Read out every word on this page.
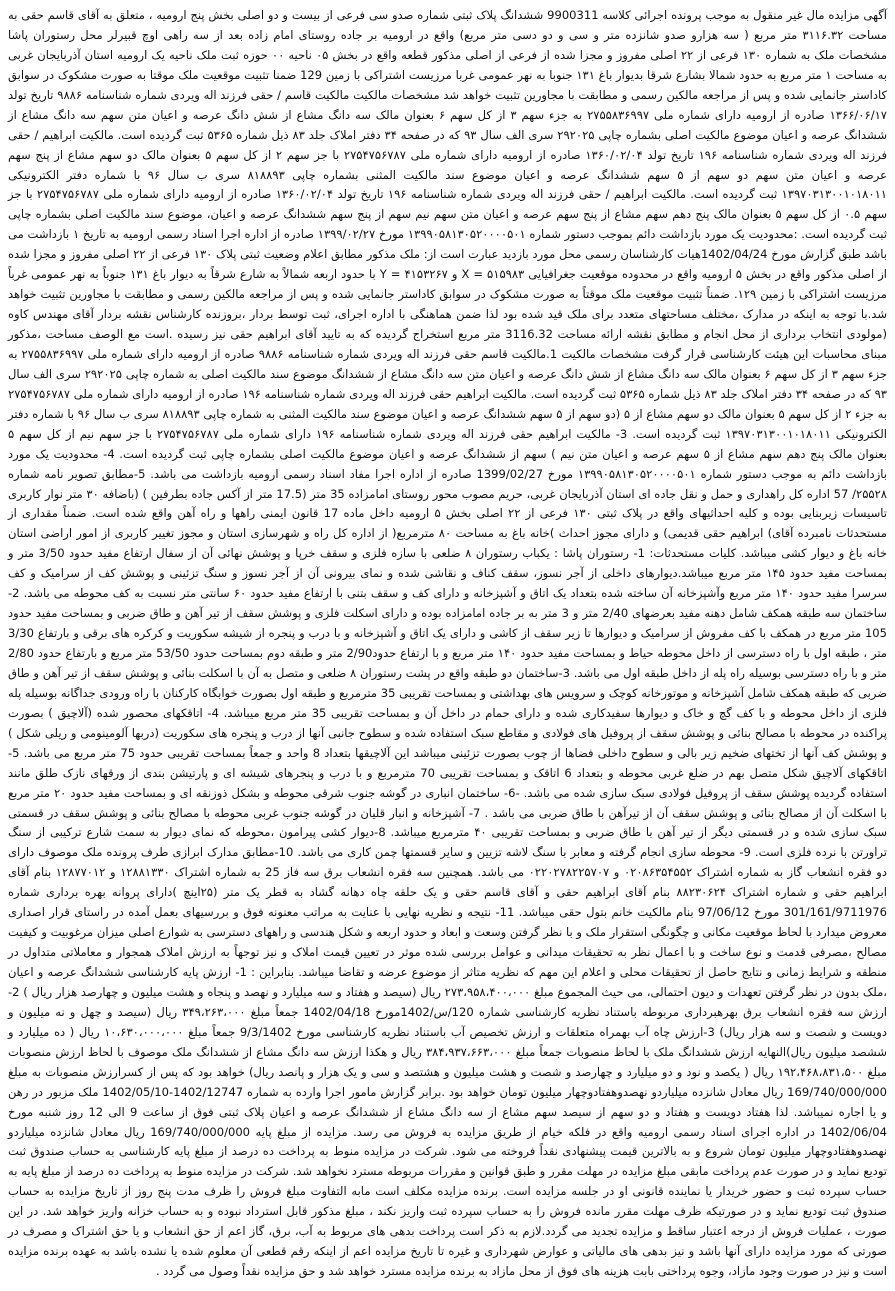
آگهی مزایده مال غیر منقول به موجب پرونده اجرائی کلاسه 9900311 ششدانگ پلاک ثبتی شماره صدو سی فرعی از بیست و دو اصلی بخش پنج ارومیه ، متعلق به آقای قاسم حقی به مساحت ۳۱۱۶.۳۲ متر مربع ( سه هزارو صدو شانزده متر و سی و دو دسی متر مربع) واقع در ارومیه بر جاده روستای امام زاده بعد از سه راهی اوچ قبیرلر محل رستوران پاشا مشخصات ملک به شماره ۱۳۰ فرعی از ۲۲ اصلی مفروز و مجزا شده از فرعی از اصلی مذکور قطعه واقع در بخش ۰۵ ناحیه ۰۰ حوزه ثبت ملک ناحیه یک ارومیه استان آذربایجان غربی به مساحت ۱ متر مربع به حدود شمالا بشارع شرقا بدیوار باغ ۱۳۱ جنوبا به نهر عمومی غربا مرزیست اشتراکی با زمین 129 ضمنا تثبیت موقعیت ملک موقتا به صورت مشکوک در سوابق کاداستر جانمایی شده و پس از مراجعه مالکین رسمی و مطابقت با مجاورین تثبیت خواهد شد مشخصات مالکیت مالکیت قاسم / حقی فرزند اله ویردی شماره شناسنامه ۹۸۸۶ تاریخ تولد ۱۳۶۶/۰۶/۱۷ صادره از ارومیه دارای شماره ملی ۲۷۵۵۸۳۶۹۹۷ به جزء سهم ۳ از کل سهم ۶ بعنوان مالک سه دانگ مشاع از شش دانگ عرصه و اعیان متن سهم سه دانگ مشاع از ششدانگ عرصه و اعیان موضوع مالکیت اصلی بشماره چاپی ۲۹۲۰۲۵ سری الف سال ۹۳ که در صفحه ۳۴ دفتر املاک جلد ۸۳ ذیل شماره ۵۳۶۵ ثبت گردیده است. مالکیت ابراهیم / حقی فرزند اله ویردی شماره شناسنامه ۱۹۶ تاریخ تولد ۱۳۶۰/۰۲/۰۴ صادره از ارومیه دارای شماره ملی ۲۷۵۴۷۵۶۷۸۷ با جز سهم ۲ از کل سهم ۵ بعنوان مالک دو سهم مشاع از پنج سهم عرصه و اعیان متن سهم دو سهم از ۵ سهم ششدانگ عرصه و اعیان موضوع سند مالکیت المثنی بشماره چاپی ۸۱۸۸۹۳ سری ب سال ۹۶ با شماره دفتر الکترونیکی ۱۳۹۷۰۳۱۳۰۰۱۰۱۸۰۱۱ ثبت گردیده است. مالکیت ابراهیم / حقی فرزند اله ویردی شماره شناسنامه ۱۹۶ تاریخ تولد ۱۳۶۰/۰۲/۰۴ صادره از ارومیه دارای شماره ملی ۲۷۵۴۷۵۶۷۸۷ با جز سهم ۰.۵ از کل سهم ۵ بعنوان مالک پنج دهم سهم مشاع از پنج سهم عرصه و اعیان متن سهم نیم سهم از پنج سهم ششدانگ عرصه و اعیان، موضوع سند مالکیت اصلی بشماره چاپی ثبت گردیده است. :محدودیت یک مورد بازداشت دائم بموجب دستور شماره ۱۳۹۹۰۵۸۱۳۰۵۲۰۰۰۰۵۰۱ مورخ ۱۳۹۹/۰۲/۲۷ صادره از اداره اجرا اسناد رسمی ارومیه به تاریخ ۱ بازداشت می باشد طبق گزارش مورخ 1402/04/24هیات کارشناسان رسمی محل مورد بازدید عبارت است از: ملک مذکور مطابق اعلام وضعیت ثبتی پلاک ۱۳۰ فرعی از ۲۲ اصلی مفروز و مجزا شده از اصلی مذکور واقع در بخش ۵ ارومیه واقع در محدوده موقعیت جغرافیایی ۵۱۵۹۸۳ = X و ۴۱۵۳۲۶۷ = Y با حدود اربعه شمالاً به شارع شرقاً به دیوار باغ ۱۳۱ جنوباً به نهر عمومی غرباً مرزیست اشتراکی با زمین ۱۲۹. ضمناً تثبیت موقعیت ملک موقتاً به صورت مشکوک در سوابق کاداستر جانمایی شده و پس از مراجعه مالکین رسمی و مطابقت با مجاورین تثبیت خواهد شد.با توجه به اینکه در مدارک ،مختلف مساحتهای متعدد برای ملک قید شده بود لذا ضمن هماهنگی با اداره اجرای، ثبت توسط بردار ،بروزنده کارشناس نقشه بردار آقای مهندس کاوه (مولودی انتخاب برداری از محل انجام و مطابق نقشه ارائه مساحت 3116.32 متر مربع استخراج گردیده که به تایید آقای ابراهیم حقی نیز رسیده .است مع الوصف مساحت ،مذکور مبنای محاسبات این هیئت کارشناسی قرار گرفت مشخصات مالکیت 1.مالکیت قاسم حقی فرزند اله ویردی شماره شناسنامه ۹۸۸۶ صادره از ارومیه دارای شماره ملی ۲۷۵۵۸۳۶۹۹۷ به جزء سهم ۳ از کل سهم ۶ بعنوان مالک سه دانگ مشاع از شش دانگ عرصه و اعیان متن سه دانگ مشاع از ششدانگ موضوع سند مالکیت اصلی به شماره چاپی ۲۹۲۰۲۵ سری الف سال ۹۳ که در صفحه ۳۴ دفتر املاک جلد ۸۳ ذیل شماره ۵۳۶۵ ثبت گردیده است. مالکیت ابراهیم حقی فرزند اله ویردی شماره شناسنامه ۱۹۶ صادره از ارومیه دارای شماره ملی ۲۷۵۴۷۵۶۷۸۷ به جزء ۲ از کل سهم ۵ بعنوان مالک دو سهم مشاع از ۵ (دو سهم از ۵ سهم ششدانگ عرصه و اعیان موضوع سند مالکیت المثنی به شماره چاپی ۸۱۸۸۹۳ سری ب سال ۹۶ با شماره دفتر الکترونیکی ۱۳۹۷۰۳۱۳۰۰۱۰۱۸۰۱۱ ثبت گردیده است. 3- مالکیت ابراهیم حقی فرزند اله ویردی شماره شناسنامه ۱۹۶ دارای شماره ملی ۲۷۵۴۷۵۶۷۸۷ با جز سهم نیم از کل سهم ۵ بعنوان مالک پنج دهم سهم مشاع از ۵ سهم عرصه و اعیان متن نیم ) سهم از ششدانگ عرصه و اعیان موضوع مالکیت اصلی بشماره چاپی ثبت گردیده است. 4- محدودیت یک مورد بازداشت دائم به موجب دستور شماره ۱۳۹۹۰۵۸۱۳۰۵۲۰۰۰۰۵۰۱ مورخ 1399/02/27 صادره از اداره اجرا مفاد اسناد رسمی ارومیه بازداشت می باشد. 5-مطابق تصویر نامه شماره ۲۵۵۲۸/ 57 اداره کل راهداری و حمل و نقل جاده ای استان آذربایجان غربی، حریم مصوب محور روستای امامزاده 35 متر (17.5 متر از آکس جاده بطرفین ) (باضافه ۳۰ متر نوار کاربری تاسیسات زیربنایی بوده و کلیه احداثیهای واقع در پلاک ثبتی ۱۳۰ فرعی از ۲۲ اصلی بخش ۵ ارومیه داخل ماده 17 قانون ایمنی راهها و راه آهن واقع شده است. ضمناً مقداری از مستحدثات نامبرده آقای) ابراهیم حقی قدیمی) و دارای مجوز احداث )خانه باغ به مساحت ۸۰ مترمربع( از اداره کل راه و شهرسازی استان و مجوز تغییر کاربری از امور اراضی استان خانه باغ و دیوار کشی میباشد. کلیات مستحدثات: 1- رستوران پاشا : یکباب رستوران ۸ ضلعی با سازه فلزی و سقف خرپا و پوشش نهائی آن از سفال ارتفاع مفید حدود 3/50 متر و بمساحت مفید حدود ۱۴۵ متر مربع میباشد.دیوارهای داخلی از آجر نسوز، سقف کناف و نقاشی شده و نمای بیرونی آن از آجر نسوز و سنگ تزئینی و پوشش کف از سرامیک و کف سرسرا مفید حدود ۱۴۰ متر مربع وآشپزخانه آن ساخته شده بتعداد یک اتاق و آشپزخانه و دارای کف و سقف بتنی با ارتفاع مفید حدود ۶۰ سانتی متر نسبت به کف محوطه می باشد. 2- ساختمان سه طبقه همکف شامل دهنه مفید بعرضهای 2/40 متر و 3 متر به بر جاده امامزاده بوده و دارای اسکلت فلزی و پوشش سقف از تیر آهن و طاق ضربی و بمساحت مفید حدود 105 متر مربع در همکف با کف مفروش از سرامیک و دیوارها تا زیر سقف از کاشی و دارای یک اتاق و آشپزخانه و با درب و پنجره از شیشه سکوریت و کرکره های برقی و بارتفاع 3/30 متر ، طبقه اول با راه دسترسی از داخل محوطه حیاط و بمساحت مفید حدود ۱۴۰ متر مربع و با ارتفاع حدود2/90 متر و طبقه دوم بمساحت حدود 53/50 متر مربع و بارتفاع حدود 2/80 متر و با راه دسترسی بوسیله راه پله از داخل طبقه اول می باشد. 3-ساختمان دو طبقه واقع در پشت رستوران ۸ ضلعی و متصل به آن با اسکلت بنائی و پوشش سقف از تیر آهن و طاق ضربی که طبقه همکف شامل آشپزخانه و موتورخانه کوچک و سرویس های بهداشتی و بمساحت تقریبی 35 مترمربع و طبقه اول بصورت خوابگاه کارکنان با راه ورودی جداگانه بوسیله پله فلزی از داخل محوطه و با کف گچ و خاک و دیوارها سفیدکاری شده و دارای حمام در داخل آن و بمساحت تقریبی 35 متر مربع میباشد. 4- اتاقکهای محصور شده (آلاچیق ) بصورت پراکنده در محوطه با مصالح بنائی و پوشش سقف از پروفیل های فولادی و مقاطع سبک استفاده شده و سطوح جانبی آنها از درب و پنجره های سکوریت (دربها آلومینومی و ریلی شکل ) و پوشش کف آنها از تختهای ضخیم زیر بالی و سطوح داخلی فضاها از چوب بصورت تزئینی میباشد این آلاچیقها بتعداد 8 واحد و جمعاً بمساحت تقریبی حدود 75 متر مربع می باشد. 5- اتاقکهای آلاچیق شکل متصل بهم در ضلع غربی محوطه و بتعداد 6 اتاقک و بمساحت تقریبی 70 مترمربع و با درب و پنجرهای شیشه ای و پارتیشن بندی از ورقهای نازک طلق مانند استفاده گردیده پوشش سقف از پروفیل فولادی سبک سازی شده می باشد. -6- ساختمان انباری در گوشه جنوب شرقی محوطه و بشکل ذوزنقه ای و بمساحت مفید حدود ۲۰ متر مربع با اسکلت آن از مصالح بنائی و پوشش سقف آن از تیرآهن با طاق ضربی می باشد . 7- آشپزخانه و انبار قلیان در گوشه جنوب غربی محوطه با مصالح بنائی و پوشش سقف در قسمتی سبک سازی شده و در قسمتی دیگر از تیر آهن با طاق ضربی و بمساحت تقریبی ۴۰ مترمربع میباشد. 8-دیوار کشی پیرامون ،محوطه که نمای دیوار به سمت شارع ترکیبی از سنگ تراورتن با نرده فلزی است. 9- محوطه سازی انجام گرفته و معابر با سنگ لاشه تزیین و سایر قسمتها چمن کاری می باشد. 10-مطابق مدارک ابرازی طرف پرونده ملک موصوف دارای دو فقره انشعاب گاز به شماره اشتراک ۰۲۰۸۶۳۵۴۵۵۲ و ۰۲۲۰۲۷۸۲۲۵۷۰۷ می باشد. همچنین سه فقره انشعاب برق سه فاز 25 به شماره اشتراک ۱۲۸۸۱۳۳۰ و ۱۲۸۷۷۰۱۲ بنام آقای ابراهیم حقی و شماره اشتراک ۸۸۲۳۰۶۲۴ بنام آقای ابراهیم حقی و آقای قاسم حقی و یک حلقه چاه دهانه گشاد به قطر یک متر (۲۵اینچ )دارای پروانه بهره برداری شماره 301/161/9711976 مورخ 97/06/12 بنام مالکیت خانم بتول حقی میباشد. 11- نتیجه و نظریه نهایی با عنایت به مراتب معنونه فوق و بررسیهای بعمل آمده در راستای قرار اصداری معروض میدارد با لحاظ موقعیت مکانی و چگونگی استقرار ملک و با نظر گرفتن وسعت و ابعاد و حدود اربعه و شکل هندسی و راههای دسترسی به شوارع اصلی میزان مرغوبیت و کیفیت مصالح ،مصرفی قدمت و نوع ساخت و با اعمال نظر به تحقیقات میدانی و عوامل بررسی شده موثر در تعیین قیمت املاک و نیز توجهاً به ارزش املاک همجوار و معاملاتی متداول در منطقه و شرایط زمانی و نتایج حاصل از تحقیقات محلی و اعلام این مهم که نظریه متاثر از موضوع عرضه و تقاضا میباشد. بنابراین : 1- ارزش پایه کارشناسی ششدانگ عرصه و اعیان ،ملک بدون در نظر گرفتن تعهدات و دیون احتمالی، می حیث المجموع مبلغ ۲۷۳،۹۵۸،۴۰۰،۰۰۰ ریال (سیصد و هفتاد و سه میلیارد و نهصد و پنجاه و هشت میلیون و چهارصد هزار ریال ) 2- ارزش سه فقره انشعاب برق بهرهبرداری مربوطه باستناد نظریه کارشناسی شماره 120/س/1402مورخ 1402/04/18 جمعاً مبلغ ۳۴۹،۲۶۳،۰۰۰ ریال (سیصد و چهل و نه میلیون و دویست و شصت و سه هزار ریال) 3-ارزش چاه آب بهمراه متعلقات و ارزش تخصیص آب باستناد نظریه کارشناسی مورخ 9/3/1402 جمعاً مبلغ ۱۰،۶۳۰،۰۰۰،۰۰۰ ریال ( ده میلیارد و ششصد میلیون ریال)النهایه ارزش ششدانگ ملک با لحاظ منصوبات جمعاً مبلغ ۳۸۴،۹۳۷،۶۶۳،۰۰۰ ریال و هکذا ارزش سه دانگ مشاع از ششدانگ ملک موصوف با لحاظ ارزش منصوبات مبلغ ۱۹۲،۴۶۸،۸۳۱،۵۰۰ ریال ( یکصد و نود و دو میلیارد و چهارصد و شصت و هشت میلیون و هشتصد و سی و یک هزار و پانصد ریال) خواهد بود که پس از کسرارزش منصوبات به مبلغ 169/740/000/000 ریال معادل شانزده میلیاردو نهصدوهفتادوچهار میلیون تومان خواهد بود .برابر گزارش مامور اجرا وارده به شماره 1402/12747-1402/05/10 ملک مزبور در رهن و یا اجاره نمیباشد. لذا هفتاد دویست و هفتاد و دو سهم از سیصد سهم مشاع از سه دانگ مشاع از ششدانگ عرصه و اعیان پلاک ثبتی فوق از ساعت 9 الی 12 روز شنبه مورخ 1402/06/04 در اداره اجرای اسناد رسمی ارومیه واقع در فلکه خیام از طریق مزایده به فروش می رسد. مزایده از مبلغ پایه 169/740/000/000 ریال معادل شانزده میلیاردو نهصدوهفتادوچهار میلیون تومان شروع و به بالاترین قیمت پیشنهادی نقداً فروخته می شود. شرکت در مزایده منوط به پرداخت ده درصد از مبلغ پایه کارشناسی به حساب صندوق ثبت تودیع نماید و در صورت عدم پرداخت مابقی مبلغ مزایده در مهلت مقرر و طبق قوانین و مقررات مربوطه مسترد نخواهد شد. شرکت در مزایده منوط به پرداخت ده درصد از مبلغ پایه به حساب سپرده ثبت و حضور خریدار یا نماینده قانونی او در جلسه مزایده است. برنده مزایده مکلف است مابه التفاوت مبلغ فروش را ظرف مدت پنج روز از تاریخ مزایده به حساب صندوق ثبت تودیع نماید و در صورتیکه ظرف مهلت مقرر مانده فروش را به حساب سپرده ثبت واریز نکند ، مبلغ مذکور قابل استرداد نبوده و به حساب خزانه واریز خواهد شد. در این صورت ، عملیات فروش از درجه اعتبار ساقط و مزایده تجدید می گردد.لازم به ذکر است پرداخت بدهی های مربوط به آب، برق، گاز اعم از حق انشعاب و یا حق اشتراک و مصرف در صورتی که مورد مزایده دارای آنها باشد و نیز بدهی های مالیاتی و عوارض شهرداری و غیره تا تاریخ مزایده اعم از اینکه رقم قطعی آن معلوم شده یا نشده باشد به عهده برنده مزایده است و نیز در صورت وجود مازاد، وجوه پرداختی بابت هزینه های فوق از محل مازاد به برنده مزایده مسترد خواهد شد و حق مزایده نقداً وصول می گردد .
